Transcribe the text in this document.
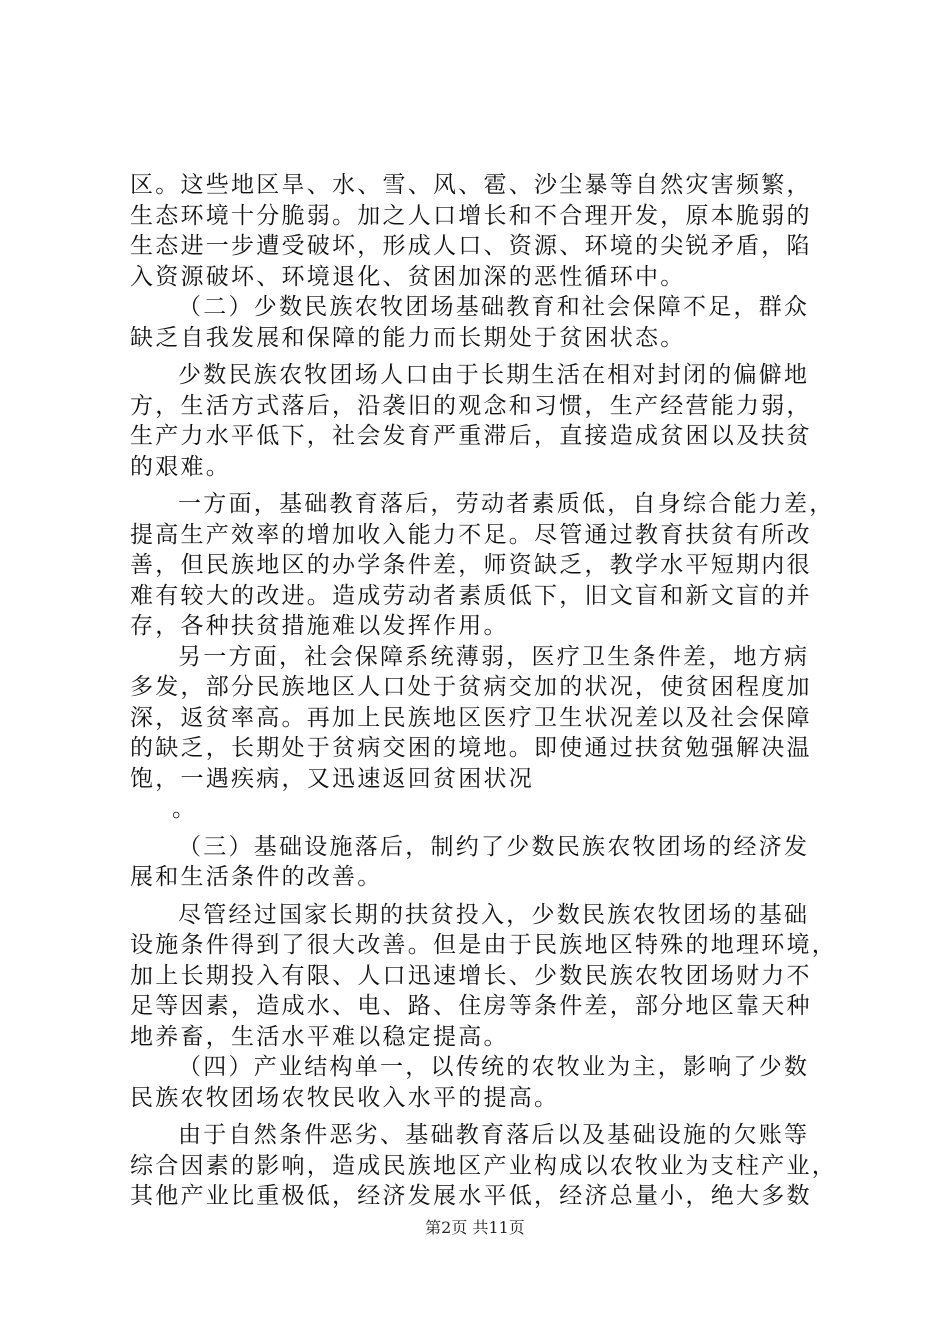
区。这些地区旱、水、雪、风、雹、沙尘暴等自然灾害频繁，
生态环境十分脆弱。加之人口增长和不合理开发，原本脆弱的
生态进一步遭受破坏，形成人口、资源、环境的尖锐矛盾，陷
入资源破坏、环境退化、贫困加深的恶性循环中。
（二）少数民族农牧团场基础教育和社会保障不足，群众
缺乏自我发展和保障的能力而长期处于贫困状态。
少数民族农牧团场人口由于长期生活在相对封闭的偏僻地
方，生活方式落后，沿袭旧的观念和习惯，生产经营能力弱，
生产力水平低下，社会发育严重滞后，直接造成贫困以及扶贫
的艰难。
一方面，基础教育落后，劳动者素质低，自身综合能力差，
提高生产效率的增加收入能力不足。尽管通过教育扶贫有所改
善，但民族地区的办学条件差，师资缺乏，教学水平短期内很
难有较大的改进。造成劳动者素质低下，旧文盲和新文盲的并
存，各种扶贫措施难以发挥作用。
另一方面，社会保障系统薄弱，医疗卫生条件差，地方病
多发，部分民族地区人口处于贫病交加的状况，使贫困程度加
深，返贫率高。再加上民族地区医疗卫生状况差以及社会保障
的缺乏，长期处于贫病交困的境地。即使通过扶贫勉强解决温
饱，一遇疾病，又迅速返回贫困状况
。
（三）基础设施落后，制约了少数民族农牧团场的经济发
展和生活条件的改善。
尽管经过国家长期的扶贫投入，少数民族农牧团场的基础
设施条件得到了很大改善。但是由于民族地区特殊的地理环境，
加上长期投入有限、人口迅速增长、少数民族农牧团场财力不
足等因素，造成水、电、路、住房等条件差，部分地区靠天种
地养畜，生活水平难以稳定提高。
（四）产业结构单一，以传统的农牧业为主，影响了少数
民族农牧团场农牧民收入水平的提高。
由于自然条件恶劣、基础教育落后以及基础设施的欠账等
综合因素的影响，造成民族地区产业构成以农牧业为支柱产业，
其他产业比重极低，经济发展水平低，经济总量小，绝大多数
第2页 共11页
